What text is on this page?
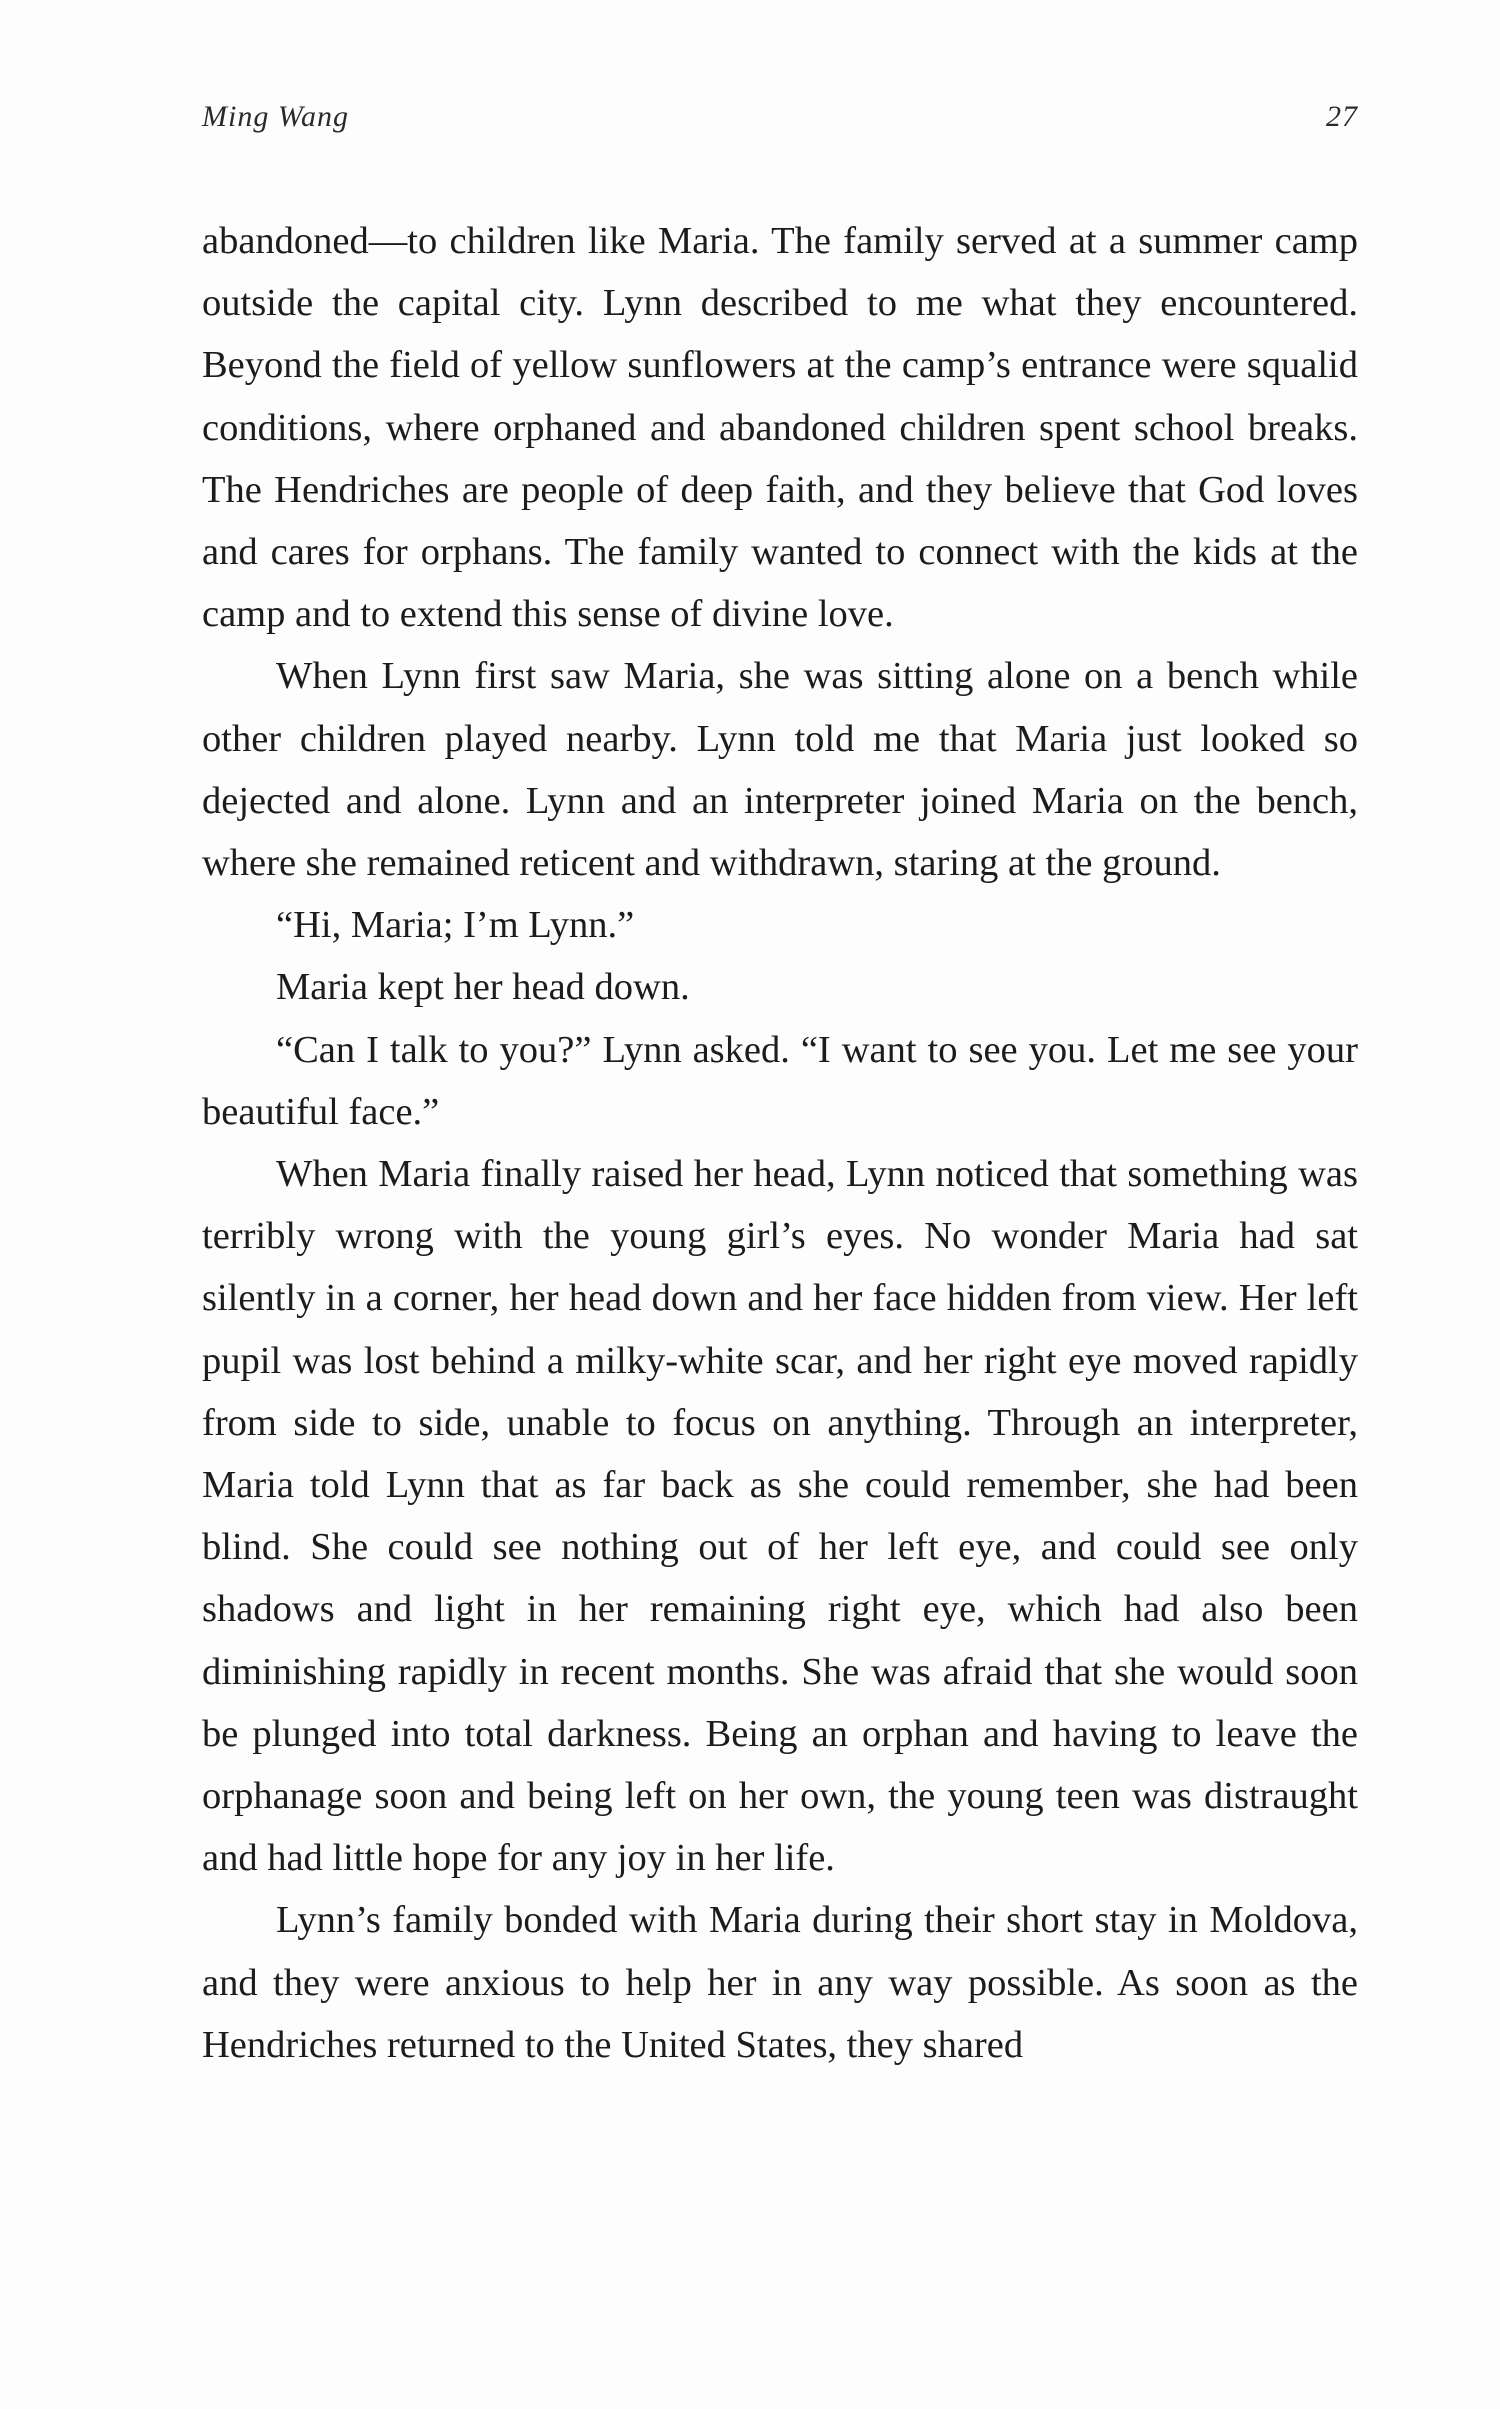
Ming Wang	27

abandoned—to children like Maria. The family served at a summer camp outside the capital city. Lynn described to me what they encountered. Beyond the field of yellow sunflowers at the camp’s entrance were squalid conditions, where orphaned and abandoned children spent school breaks. The Hendriches are people of deep faith, and they believe that God loves and cares for orphans. The family wanted to connect with the kids at the camp and to extend this sense of divine love.

When Lynn first saw Maria, she was sitting alone on a bench while other children played nearby. Lynn told me that Maria just looked so dejected and alone. Lynn and an interpreter joined Maria on the bench, where she remained reticent and withdrawn, staring at the ground.

“Hi, Maria; I’m Lynn.”

Maria kept her head down.

“Can I talk to you?” Lynn asked. “I want to see you. Let me see your beautiful face.”

When Maria finally raised her head, Lynn noticed that something was terribly wrong with the young girl’s eyes. No wonder Maria had sat silently in a corner, her head down and her face hidden from view. Her left pupil was lost behind a milky-white scar, and her right eye moved rapidly from side to side, unable to focus on anything. Through an interpreter, Maria told Lynn that as far back as she could remember, she had been blind. She could see nothing out of her left eye, and could see only shadows and light in her remaining right eye, which had also been diminishing rapidly in recent months. She was afraid that she would soon be plunged into total darkness. Being an orphan and having to leave the orphanage soon and being left on her own, the young teen was distraught and had little hope for any joy in her life.

Lynn’s family bonded with Maria during their short stay in Moldova, and they were anxious to help her in any way possible. As soon as the Hendriches returned to the United States, they shared
